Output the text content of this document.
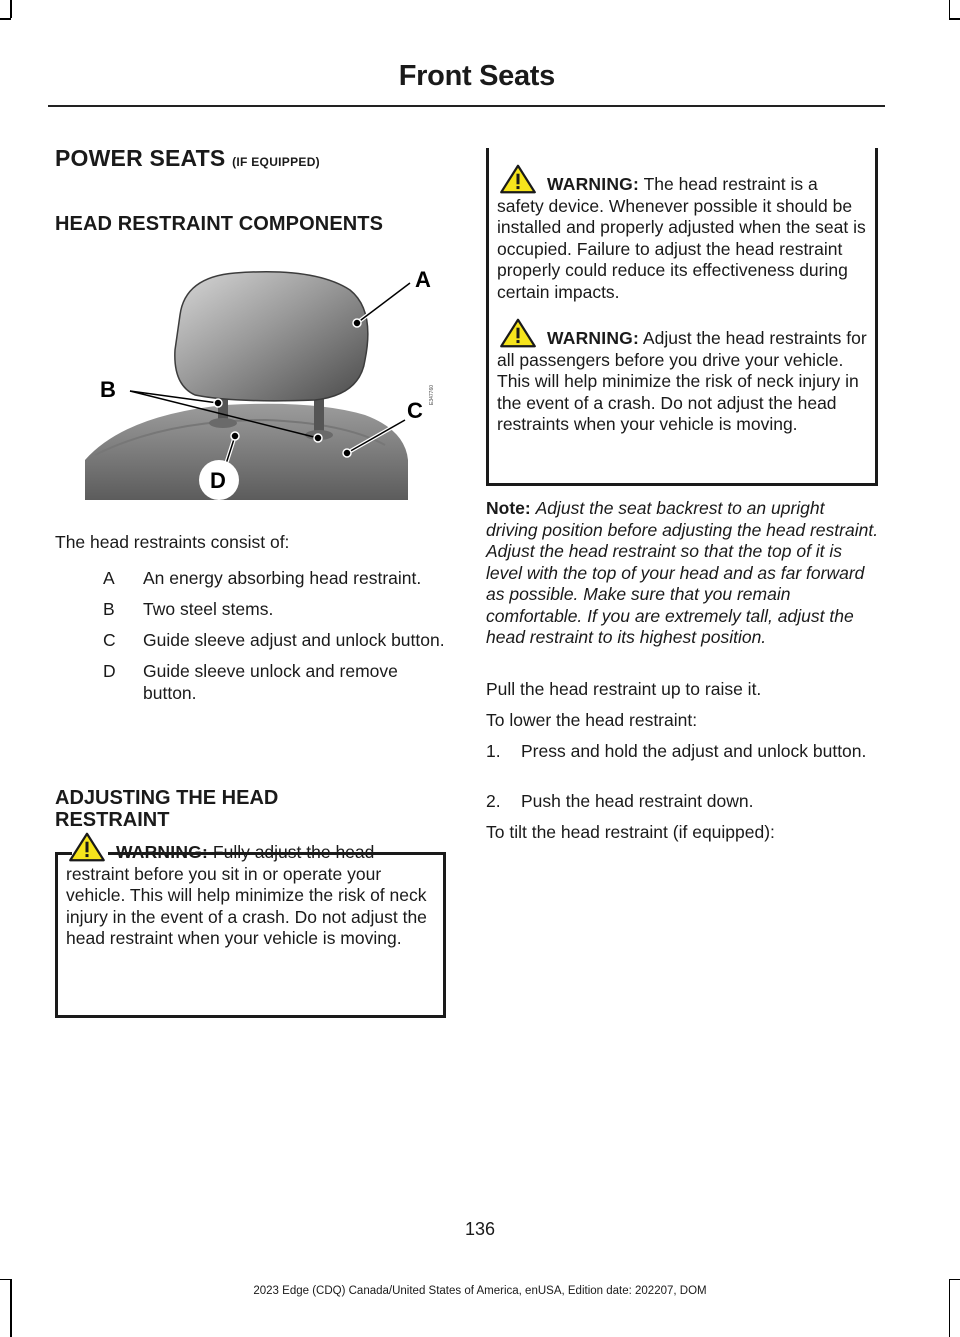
Front Seats
POWER SEATS (IF EQUIPPED)
HEAD RESTRAINT COMPONENTS
A
B
C
D
E347760
The head restraints consist of:
A	An energy absorbing head restraint.
B	Two steel stems.
C	Guide sleeve adjust and unlock button.
D	Guide sleeve unlock and remove button.
ADJUSTING THE HEAD RESTRAINT

restraint before you sit in or operate your vehicle. This will help minimize the risk of neck injury in the event of a crash. Do not adjust the head restraint when your vehicle is moving.

WARNING: The head restraint is a safety device. Whenever possible it should be installed and properly adjusted when the seat is occupied. Failure to adjust the head restraint properly could reduce its effectiveness during certain impacts.

WARNING: Adjust the head restraints for all passengers before you drive your vehicle. This will help minimize the risk of neck injury in the event of a crash. Do not adjust the head restraints when your vehicle is moving.

Note: Adjust the seat backrest to an upright driving position before adjusting the head restraint. Adjust the head restraint so that the top of it is level with the top of your head and as far forward as possible. Make sure that you remain comfortable. If you are extremely tall, adjust the head restraint to its highest position.

Pull the head restraint up to raise it.

To lower the head restraint:

1.	Press and hold the adjust and unlock button.
2.	Push the head restraint down.

To tilt the head restraint (if equipped):

136
2023 Edge (CDQ) Canada/United States of America, enUSA, Edition date: 202207, DOM
